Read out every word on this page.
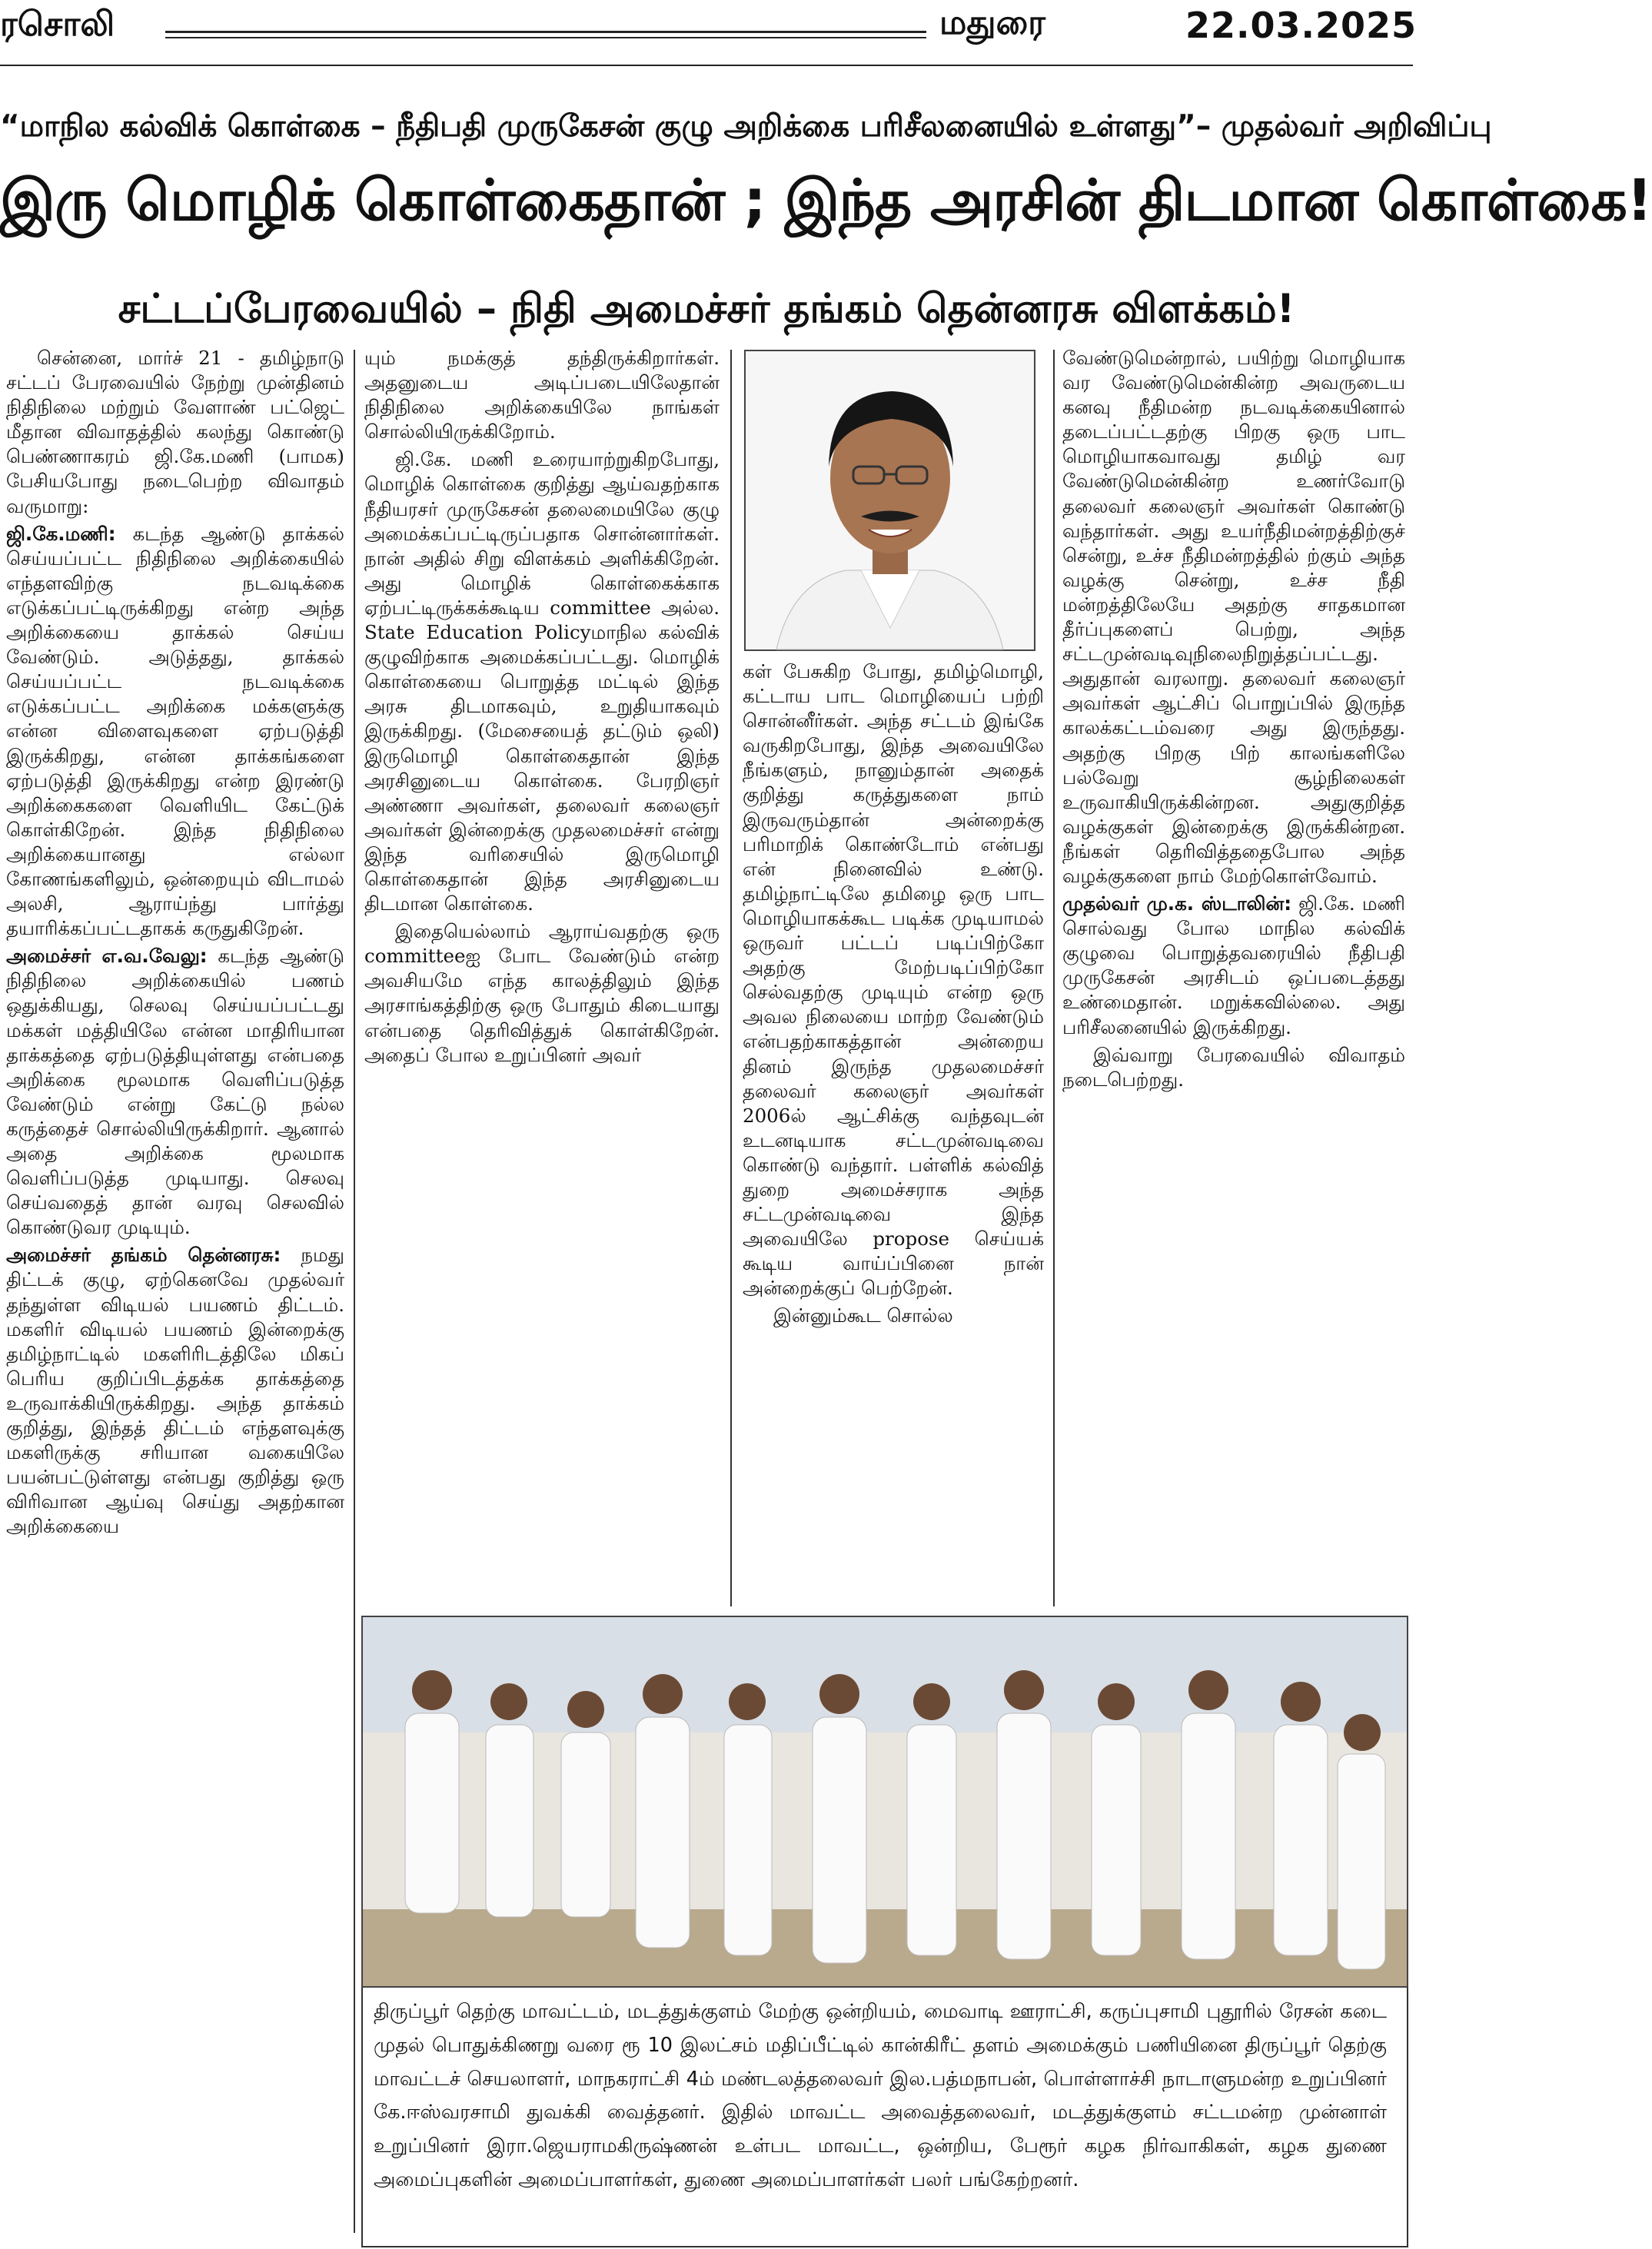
ரசொலி	மதுரை	22.03.2025
“மாநில கல்விக் கொள்கை – நீதிபதி முருகேசன் குழு அறிக்கை பரிசீலனையில் உள்ளது”– முதல்வர் அறிவிப்பு
இரு மொழிக் கொள்கைதான் ; இந்த அரசின் திடமான கொள்கை!
சட்டப்பேரவையில் – நிதி அமைச்சர் தங்கம் தென்னரசு விளக்கம்!

சென்னை, மார்ச் 21 - தமிழ்நாடு சட்டப் பேரவையில் நேற்று முன்தினம் நிதிநிலை மற்றும் வேளாண் பட்ஜெட் மீதான விவாதத்தில் கலந்து கொண்டு பெண்ணாகரம் ஜி.கே.மணி (பாமக) பேசியபோது நடைபெற்ற விவாதம் வருமாறு:

ஜி.கே.மணி: கடந்த ஆண்டு தாக்கல் செய்யப்பட்ட நிதிநிலை அறிக்கையில் எந்தளவிற்கு நடவடிக்கை எடுக்கப்பட்டிருக்கிறது என்ற அந்த அறிக்கையை தாக்கல் செய்ய வேண்டும். அடுத்தது, தாக்கல் செய்யப்பட்ட நடவடிக்கை எடுக்கப்பட்ட அறிக்கை மக்களுக்கு என்ன விளைவுகளை ஏற்படுத்தி இருக்கிறது, என்ன தாக்கங்களை ஏற்படுத்தி இருக்கிறது என்ற இரண்டு அறிக்கைகளை வெளியிட கேட்டுக் கொள்கிறேன். இந்த நிதிநிலை அறிக்கையானது எல்லா கோணங்களிலும், ஒன்றையும் விடாமல் அலசி, ஆராய்ந்து பார்த்து தயாரிக்கப்பட்டதாகக் கருதுகிறேன்.

அமைச்சர் எ.வ.வேலு: கடந்த ஆண்டு நிதிநிலை அறிக்கையில் பணம் ஒதுக்கியது, செலவு செய்யப்பட்டது மக்கள் மத்தியிலே என்ன மாதிரியான தாக்கத்தை ஏற்படுத்தியுள்ளது என்பதை அறிக்கை மூலமாக வெளிப்படுத்த வேண்டும் என்று கேட்டு நல்ல கருத்தைச் சொல்லியிருக்கிறார். ஆனால் அதை அறிக்கை மூலமாக வெளிப்படுத்த முடியாது. செலவு செய்வதைத் தான் வரவு செலவில் கொண்டுவர முடியும்.

அமைச்சர் தங்கம் தென்னரசு: நமது திட்டக் குழு, ஏற்கெனவே முதல்வர் தந்துள்ள விடியல் பயணம் திட்டம். மகளிர் விடியல் பயணம் இன்றைக்கு தமிழ்நாட்டில் மகளிரிடத்திலே மிகப் பெரிய குறிப்பிடத்தக்க தாக்கத்தை உருவாக்கியிருக்கிறது. அந்த தாக்கம் குறித்து, இந்தத் திட்டம் எந்தளவுக்கு மகளிருக்கு சரியான வகையிலே பயன்பட்டுள்ளது என்பது குறித்து ஒரு விரிவான ஆய்வு செய்து அதற்கான அறிக்கையை

யும் நமக்குத் தந்திருக்கிறார்கள். அதனுடைய அடிப்படையிலேதான் நிதிநிலை அறிக்கையிலே நாங்கள் சொல்லியிருக்கிறோம்.

ஜி.கே. மணி உரையாற்றுகிறபோது, மொழிக் கொள்கை குறித்து ஆய்வதற்காக நீதியரசர் முருகேசன் தலைமையிலே குழு அமைக்கப்பட்டிருப்பதாக சொன்னார்கள். நான் அதில் சிறு விளக்கம் அளிக்கிறேன். அது மொழிக் கொள்கைக்காக ஏற்பட்டிருக்கக்கூடிய committee அல்ல. State Education Policyமாநில கல்விக் குழுவிற்காக அமைக்கப்பட்டது. மொழிக் கொள்கையை பொறுத்த மட்டில் இந்த அரசு திடமாகவும், உறுதியாகவும் இருக்கிறது. (மேசையைத் தட்டும் ஒலி) இருமொழி கொள்கைதான் இந்த அரசினுடைய கொள்கை. பேரறிஞர் அண்ணா அவர்கள், தலைவர் கலைஞர் அவர்கள் இன்றைக்கு முதலமைச்சர் என்று இந்த வரிசையில் இருமொழி கொள்கைதான் இந்த அரசினுடைய திடமான கொள்கை.

இதையெல்லாம் ஆராய்வதற்கு ஒரு committeeஐ போட வேண்டும் என்ற அவசியமே எந்த காலத்திலும் இந்த அரசாங்கத்திற்கு ஒரு போதும் கிடையாது என்பதை தெரிவித்துக் கொள்கிறேன். அதைப் போல உறுப்பினர் அவர்

கள் பேசுகிற போது, தமிழ்மொழி, கட்டாய பாட மொழியைப் பற்றி சொன்னீர்கள். அந்த சட்டம் இங்கே வருகிறபோது, இந்த அவையிலே நீங்களும், நானும்தான் அதைக் குறித்து கருத்துகளை நாம் இருவரும்தான் அன்றைக்கு பரிமாறிக் கொண்டோம் என்பது என் நினைவில் உண்டு. தமிழ்நாட்டிலே தமிழை ஒரு பாட மொழியாகக்கூட படிக்க முடியாமல் ஒருவர் பட்டப் படிப்பிற்கோ அதற்கு மேற்படிப்பிற்கோ செல்வதற்கு முடியும் என்ற ஒரு அவல நிலையை மாற்ற வேண்டும் என்பதற்காகத்தான் அன்றைய தினம் இருந்த முதலமைச்சர் தலைவர் கலைஞர் அவர்கள் 2006ல் ஆட்சிக்கு வந்தவுடன் உடனடியாக சட்டமுன்வடிவை கொண்டு வந்தார். பள்ளிக் கல்வித் துறை அமைச்சராக அந்த சட்டமுன்வடிவை இந்த அவையிலே propose செய்யக் கூடிய வாய்ப்பினை நான் அன்றைக்குப் பெற்றேன்.

இன்னும்கூட சொல்ல

வேண்டுமென்றால், பயிற்று மொழியாக வர வேண்டுமென்கின்ற அவருடைய கனவு நீதிமன்ற நடவடிக்கையினால் தடைப்பட்டதற்கு பிறகு ஒரு பாட மொழியாகவாவது தமிழ் வர வேண்டுமென்கின்ற உணர்வோடு தலைவர் கலைஞர் அவர்கள் கொண்டு வந்தார்கள். அது உயர்நீதிமன்றத்திற்குச் சென்று, உச்ச நீதிமன்றத்தில் ற்கும் அந்த வழக்கு சென்று, உச்ச நீதி மன்றத்திலேயே அதற்கு சாதகமான தீர்ப்புகளைப் பெற்று, அந்த சட்டமுன்வடிவுநிலைநிறுத்தப்பட்டது. அதுதான் வரலாறு. தலைவர் கலைஞர் அவர்கள் ஆட்சிப் பொறுப்பில் இருந்த காலக்கட்டம்வரை அது இருந்தது. அதற்கு பிறகு பிற் காலங்களிலே பல்வேறு சூழ்நிலைகள் உருவாகியிருக்கின்றன. அதுகுறித்த வழக்குகள் இன்றைக்கு இருக்கின்றன. நீங்கள் தெரிவித்ததைபோல அந்த வழக்குகளை நாம் மேற்கொள்வோம்.

முதல்வர் மு.க. ஸ்டாலின்: ஜி.கே. மணி சொல்வது போல மாநில கல்விக் குழுவை பொறுத்தவரையில் நீதிபதி முருகேசன் அரசிடம் ஒப்படைத்தது உண்மைதான். மறுக்கவில்லை. அது பரிசீலனையில் இருக்கிறது.

இவ்வாறு பேரவையில் விவாதம் நடைபெற்றது.

திருப்பூர் தெற்கு மாவட்டம், மடத்துக்குளம் மேற்கு ஒன்றியம், மைவாடி ஊராட்சி, கருப்புசாமி புதூரில் ரேசன் கடை முதல் பொதுக்கிணறு வரை ரூ 10 இலட்சம் மதிப்பீட்டில் கான்கிரீட் தளம் அமைக்கும் பணியினை திருப்பூர் தெற்கு மாவட்டச் செயலாளர், மாநகராட்சி 4ம் மண்டலத்தலைவர் இல.பத்மநாபன், பொள்ளாச்சி நாடாளுமன்ற உறுப்பினர் கே.ஈஸ்வரசாமி துவக்கி வைத்தனர். இதில் மாவட்ட அவைத்தலைவர், மடத்துக்குளம் சட்டமன்ற முன்னாள் உறுப்பினர் இரா.ஜெயராமகிருஷ்ணன் உள்பட மாவட்ட, ஒன்றிய, பேரூர் கழக நிர்வாகிகள், கழக துணை அமைப்புகளின் அமைப்பாளர்கள், துணை அமைப்பாளர்கள் பலர் பங்கேற்றனர்.
